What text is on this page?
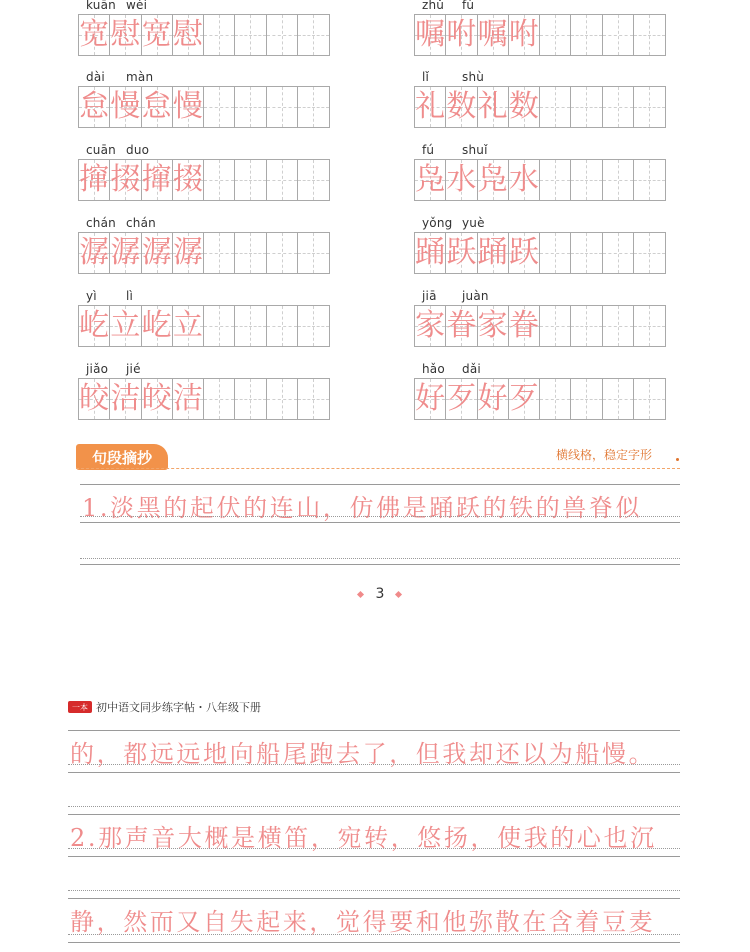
kuān wèi
宽 慰 宽 慰
zhǔ fù
嘱 咐 嘱 咐
dài màn
怠 慢 怠 慢
lǐ	shù
礼 数 礼 数
cuān duo
撺 掇 撺 掇
fú shuǐ
凫 水 凫 水
chán chán
潺 潺 潺 潺
yǒng yuè
踊 跃 踊 跃
yì lì
屹 立 屹 立
jiā juàn
家 眷 家 眷
jiǎo jié
皎 洁 皎 洁
hǎo dǎi
好 歹 好 歹
句段摘抄	横线格，稳定字形
1.淡黑的起伏的连山，仿佛是踊跃的铁的兽脊似
3
一本 初中语文同步练字帖・八年级下册
的，都远远地向船尾跑去了，但我却还以为船慢。
2.那声音大概是横笛，宛转，悠扬，使我的心也沉
静，然而又自失起来，觉得要和他弥散在含着豆麦
